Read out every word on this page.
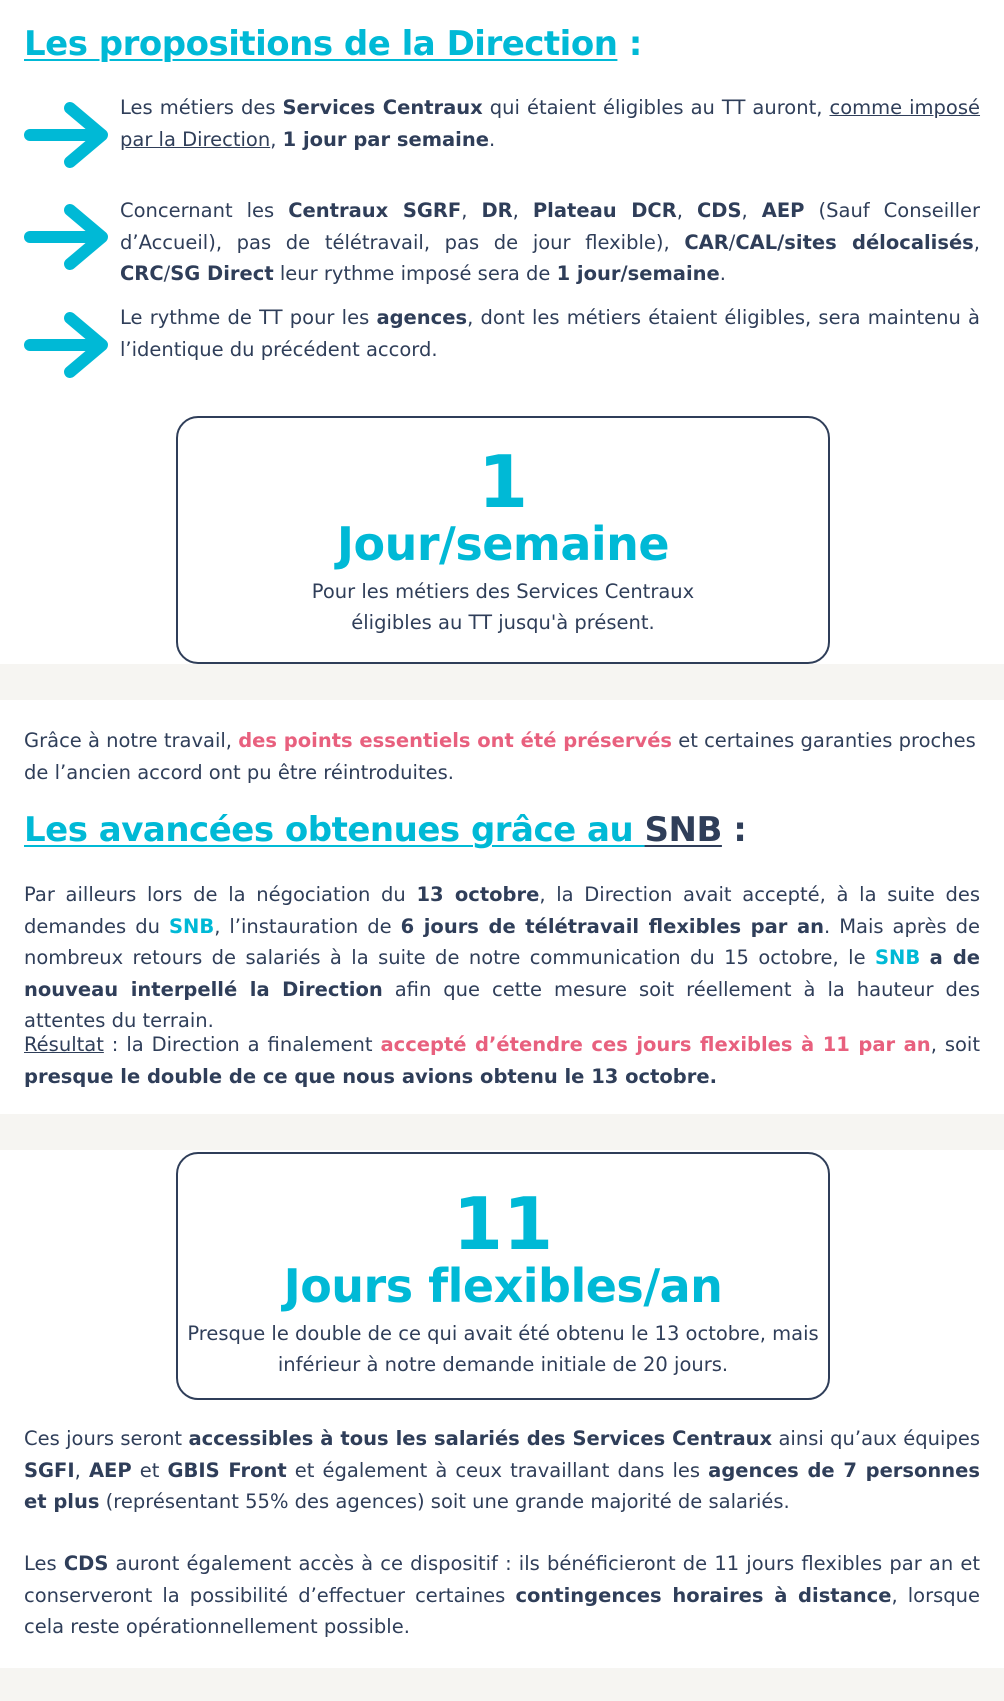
Les propositions de la Direction :

Les métiers des Services Centraux qui étaient éligibles au TT auront, comme imposé par la Direction, 1 jour par semaine.

Concernant les Centraux SGRF, DR, Plateau DCR, CDS, AEP (Sauf Conseiller d’Accueil), pas de télétravail, pas de jour flexible), CAR/CAL/sites délocalisés, CRC/SG Direct leur rythme imposé sera de 1 jour/semaine.

Le rythme de TT pour les agences, dont les métiers étaient éligibles, sera maintenu à l’identique du précédent accord.

1
Jour/semaine
Pour les métiers des Services Centraux
éligibles au TT jusqu'à présent.

Grâce à notre travail, des points essentiels ont été préservés et certaines garanties proches de l’ancien accord ont pu être réintroduites.

Les avancées obtenues grâce au SNB :

Par ailleurs lors de la négociation du 13 octobre, la Direction avait accepté, à la suite des demandes du SNB, l’instauration de 6 jours de télétravail flexibles par an. Mais après de nombreux retours de salariés à la suite de notre communication du 15 octobre, le SNB a de nouveau interpellé la Direction afin que cette mesure soit réellement à la hauteur des attentes du terrain.

Résultat : la Direction a finalement accepté d’étendre ces jours flexibles à 11 par an, soit presque le double de ce que nous avions obtenu le 13 octobre.

11
Jours flexibles/an
Presque le double de ce qui avait été obtenu le 13 octobre, mais
inférieur à notre demande initiale de 20 jours.

Ces jours seront accessibles à tous les salariés des Services Centraux ainsi qu’aux équipes SGFI, AEP et GBIS Front et également à ceux travaillant dans les agences de 7 personnes et plus (représentant 55% des agences) soit une grande majorité de salariés.

Les CDS auront également accès à ce dispositif : ils bénéficieront de 11 jours flexibles par an et conserveront la possibilité d’effectuer certaines contingences horaires à distance, lorsque cela reste opérationnellement possible.
